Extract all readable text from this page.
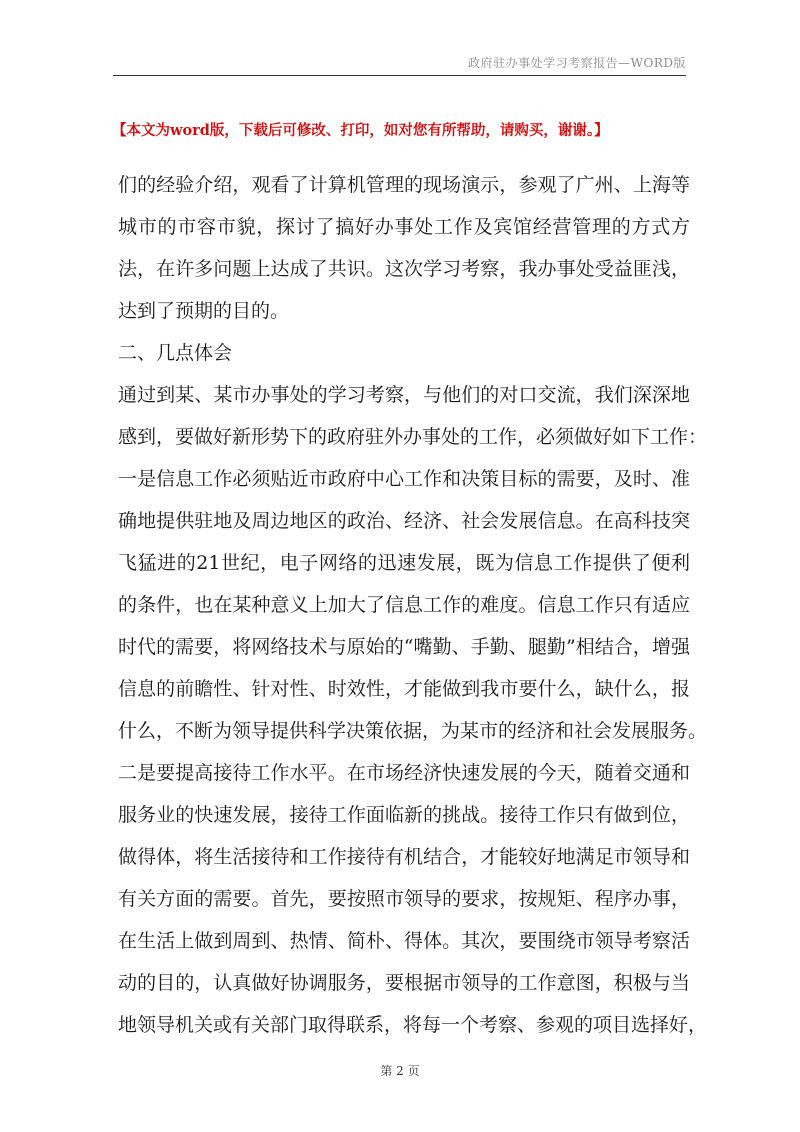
政府驻办事处学习考察报告—WORD版
【本文为word版，下载后可修改、打印，如对您有所帮助，请购买，谢谢。】
们的经验介绍，观看了计算机管理的现场演示，参观了广州、上海等
城市的市容市貌，探讨了搞好办事处工作及宾馆经营管理的方式方
法，在许多问题上达成了共识。这次学习考察，我办事处受益匪浅，
达到了预期的目的。
二、几点体会
通过到某、某市办事处的学习考察，与他们的对口交流，我们深深地
感到，要做好新形势下的政府驻外办事处的工作，必须做好如下工作：
一是信息工作必须贴近市政府中心工作和决策目标的需要，及时、准
确地提供驻地及周边地区的政治、经济、社会发展信息。在高科技突
飞猛进的21世纪，电子网络的迅速发展，既为信息工作提供了便利
的条件，也在某种意义上加大了信息工作的难度。信息工作只有适应
时代的需要，将网络技术与原始的“嘴勤、手勤、腿勤”相结合，增强
信息的前瞻性、针对性、时效性，才能做到我市要什么，缺什么，报
什么，不断为领导提供科学决策依据，为某市的经济和社会发展服务。
二是要提高接待工作水平。在市场经济快速发展的今天，随着交通和
服务业的快速发展，接待工作面临新的挑战。接待工作只有做到位，
做得体，将生活接待和工作接待有机结合，才能较好地满足市领导和
有关方面的需要。首先，要按照市领导的要求，按规矩、程序办事，
在生活上做到周到、热情、简朴、得体。其次，要围绕市领导考察活
动的目的，认真做好协调服务，要根据市领导的工作意图，积极与当
地领导机关或有关部门取得联系，将每一个考察、参观的项目选择好，
第 2 页
